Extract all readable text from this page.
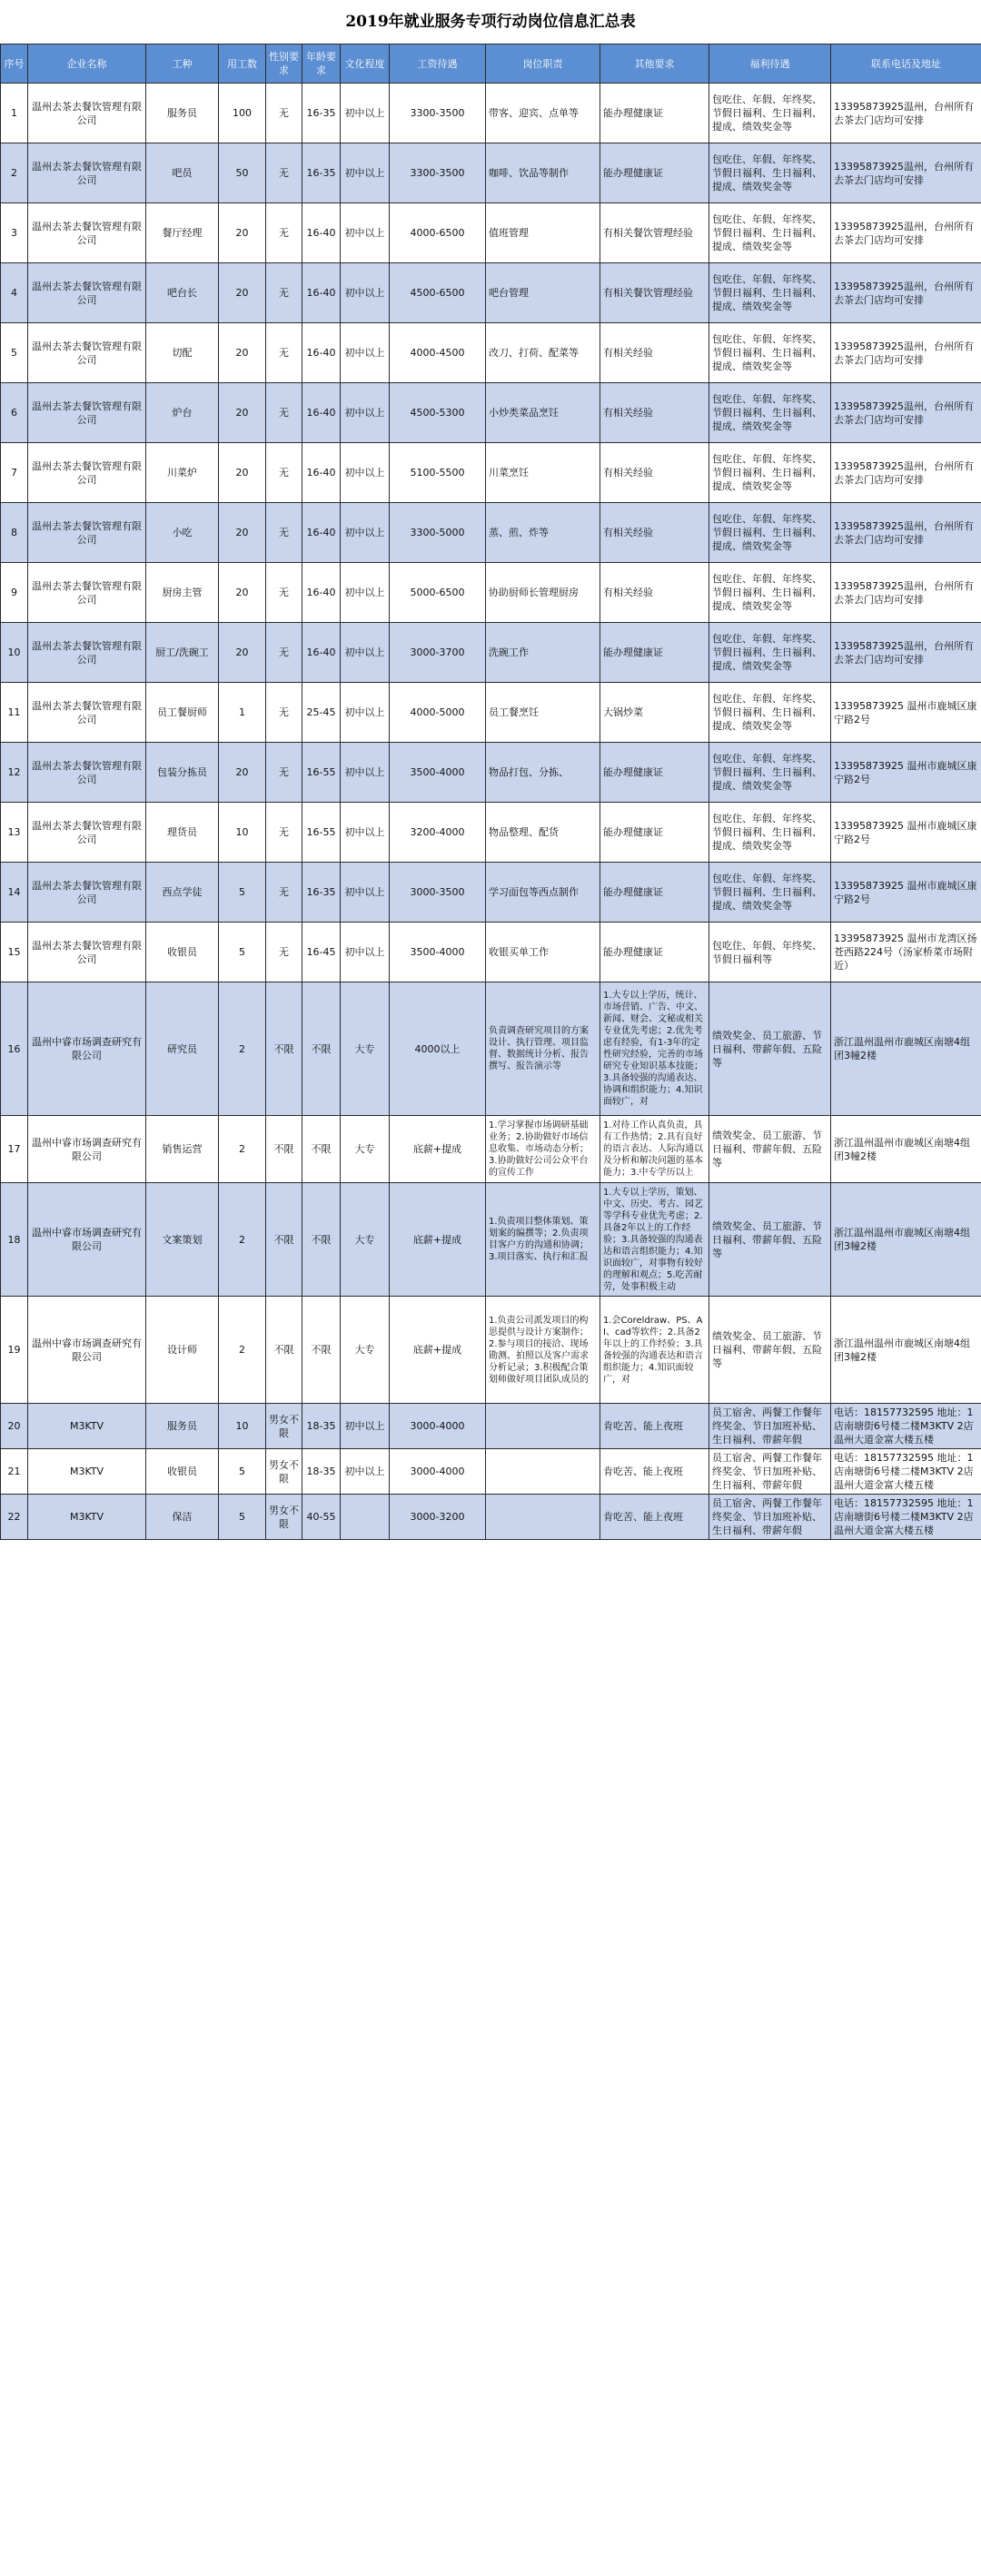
2019年就业服务专项行动岗位信息汇总表
序号	企业名称	工种	用工数	性别要求	年龄要求	文化程度	工资待遇	岗位职责	其他要求	福利待遇	联系电话及地址
1	温州去茶去餐饮管理有限公司	服务员	100	无	16-35	初中以上	3300-3500	带客、迎宾、点单等	能办理健康证	包吃住、年假、年终奖、节假日福利、生日福利、提成、绩效奖金等	13395873925温州，台州所有去茶去门店均可安排
2	温州去茶去餐饮管理有限公司	吧员	50	无	16-35	初中以上	3300-3500	咖啡、饮品等制作	能办理健康证	包吃住、年假、年终奖、节假日福利、生日福利、提成、绩效奖金等	13395873925温州，台州所有去茶去门店均可安排
3	温州去茶去餐饮管理有限公司	餐厅经理	20	无	16-40	初中以上	4000-6500	值班管理	有相关餐饮管理经验	包吃住、年假、年终奖、节假日福利、生日福利、提成、绩效奖金等	13395873925温州，台州所有去茶去门店均可安排
4	温州去茶去餐饮管理有限公司	吧台长	20	无	16-40	初中以上	4500-6500	吧台管理	有相关餐饮管理经验	包吃住、年假、年终奖、节假日福利、生日福利、提成、绩效奖金等	13395873925温州，台州所有去茶去门店均可安排
5	温州去茶去餐饮管理有限公司	切配	20	无	16-40	初中以上	4000-4500	改刀、打荷、配菜等	有相关经验	包吃住、年假、年终奖、节假日福利、生日福利、提成、绩效奖金等	13395873925温州，台州所有去茶去门店均可安排
6	温州去茶去餐饮管理有限公司	炉台	20	无	16-40	初中以上	4500-5300	小炒类菜品烹饪	有相关经验	包吃住、年假、年终奖、节假日福利、生日福利、提成、绩效奖金等	13395873925温州，台州所有去茶去门店均可安排
7	温州去茶去餐饮管理有限公司	川菜炉	20	无	16-40	初中以上	5100-5500	川菜烹饪	有相关经验	包吃住、年假、年终奖、节假日福利、生日福利、提成、绩效奖金等	13395873925温州，台州所有去茶去门店均可安排
8	温州去茶去餐饮管理有限公司	小吃	20	无	16-40	初中以上	3300-5000	蒸、煎、炸等	有相关经验	包吃住、年假、年终奖、节假日福利、生日福利、提成、绩效奖金等	13395873925温州，台州所有去茶去门店均可安排
9	温州去茶去餐饮管理有限公司	厨房主管	20	无	16-40	初中以上	5000-6500	协助厨师长管理厨房	有相关经验	包吃住、年假、年终奖、节假日福利、生日福利、提成、绩效奖金等	13395873925温州，台州所有去茶去门店均可安排
10	温州去茶去餐饮管理有限公司	厨工/洗碗工	20	无	16-40	初中以上	3000-3700	洗碗工作	能办理健康证	包吃住、年假、年终奖、节假日福利、生日福利、提成、绩效奖金等	13395873925温州，台州所有去茶去门店均可安排
11	温州去茶去餐饮管理有限公司	员工餐厨师	1	无	25-45	初中以上	4000-5000	员工餐烹饪	大锅炒菜	包吃住、年假、年终奖、节假日福利、生日福利、提成、绩效奖金等	13395873925 温州市鹿城区康宁路2号
12	温州去茶去餐饮管理有限公司	包装分拣员	20	无	16-55	初中以上	3500-4000	物品打包、分拣、	能办理健康证	包吃住、年假、年终奖、节假日福利、生日福利、提成、绩效奖金等	13395873925 温州市鹿城区康宁路2号
13	温州去茶去餐饮管理有限公司	理货员	10	无	16-55	初中以上	3200-4000	物品整理、配货	能办理健康证	包吃住、年假、年终奖、节假日福利、生日福利、提成、绩效奖金等	13395873925 温州市鹿城区康宁路2号
14	温州去茶去餐饮管理有限公司	西点学徒	5	无	16-35	初中以上	3000-3500	学习面包等西点制作	能办理健康证	包吃住、年假、年终奖、节假日福利、生日福利、提成、绩效奖金等	13395873925 温州市鹿城区康宁路2号
15	温州去茶去餐饮管理有限公司	收银员	5	无	16-45	初中以上	3500-4000	收银买单工作	能办理健康证	包吃住、年假、年终奖、节假日福利等	13395873925 温州市龙湾区扬苍西路224号（汤家桥菜市场附近）
16	温州中睿市场调查研究有限公司	研究员	2	不限	不限	大专	4000以上	负责调查研究项目的方案设计、执行管理、项目监督、数据统计分析、报告撰写、报告演示等	1.大专以上学历，统计、市场营销、广告、中文、新闻、财会、文秘或相关专业优先考虑；2.优先考虑有经验，有1-3年的定性研究经验，完善的市场研究专业知识基本技能；3.具备较强的沟通表达、协调和组织能力；4.知识面较广，对	绩效奖金、员工旅游、节日福利、带薪年假、五险等	浙江温州温州市鹿城区南塘4组团3幢2楼
17	温州中睿市场调查研究有限公司	销售运营	2	不限	不限	大专	底薪+提成	1.学习掌握市场调研基础业务；2.协助做好市场信息收集、市场动态分析；3.协助做好公司公众平台的宣传工作	1.对待工作认真负责，具有工作热情；2.具有良好的语言表达、人际沟通以及分析和解决问题的基本能力；3.中专学历以上	绩效奖金、员工旅游、节日福利、带薪年假、五险等	浙江温州温州市鹿城区南塘4组团3幢2楼
18	温州中睿市场调查研究有限公司	文案策划	2	不限	不限	大专	底薪+提成	1.负责项目整体策划、策划案的编撰等；2.负责项目客户方的沟通和协调；3.项目落实、执行和汇报	1.大专以上学历，策划、中文、历史、考古、园艺等学科专业优先考虑；2.具备2年以上的工作经验；3.具备较强的沟通表达和语言组织能力；4.知识面较广，对事物有较好的理解和观点；5.吃苦耐劳，处事积极主动	绩效奖金、员工旅游、节日福利、带薪年假、五险等	浙江温州温州市鹿城区南塘4组团3幢2楼
19	温州中睿市场调查研究有限公司	设计师	2	不限	不限	大专	底薪+提成	1.负责公司派发项目的构思提供与设计方案制作；2.参与项目的接洽、现场勘测、拍照以及客户需求分析记录；3.积极配合策划师做好项目团队成员的	1.会Coreldraw、PS、AI、cad等软件；2.具备2年以上的工作经验；3.具备较强的沟通表达和语言组织能力；4.知识面较广，对	绩效奖金、员工旅游、节日福利、带薪年假、五险等	浙江温州温州市鹿城区南塘4组团3幢2楼
20	M3KTV	服务员	10	男女不限	18-35	初中以上	3000-4000		肯吃苦、能上夜班	员工宿舍、两餐工作餐年终奖金、节日加班补贴、生日福利、带薪年假	电话：18157732595 地址：1店南塘街6号楼二楼M3KTV 2店温州大道金富大楼五楼
21	M3KTV	收银员	5	男女不限	18-35	初中以上	3000-4000		肯吃苦、能上夜班	员工宿舍、两餐工作餐年终奖金、节日加班补贴、生日福利、带薪年假	电话：18157732595 地址：1店南塘街6号楼二楼M3KTV 2店温州大道金富大楼五楼
22	M3KTV	保洁	5	男女不限	40-55		3000-3200		肯吃苦、能上夜班	员工宿舍、两餐工作餐年终奖金、节日加班补贴、生日福利、带薪年假	电话：18157732595 地址：1店南塘街6号楼二楼M3KTV 2店温州大道金富大楼五楼
